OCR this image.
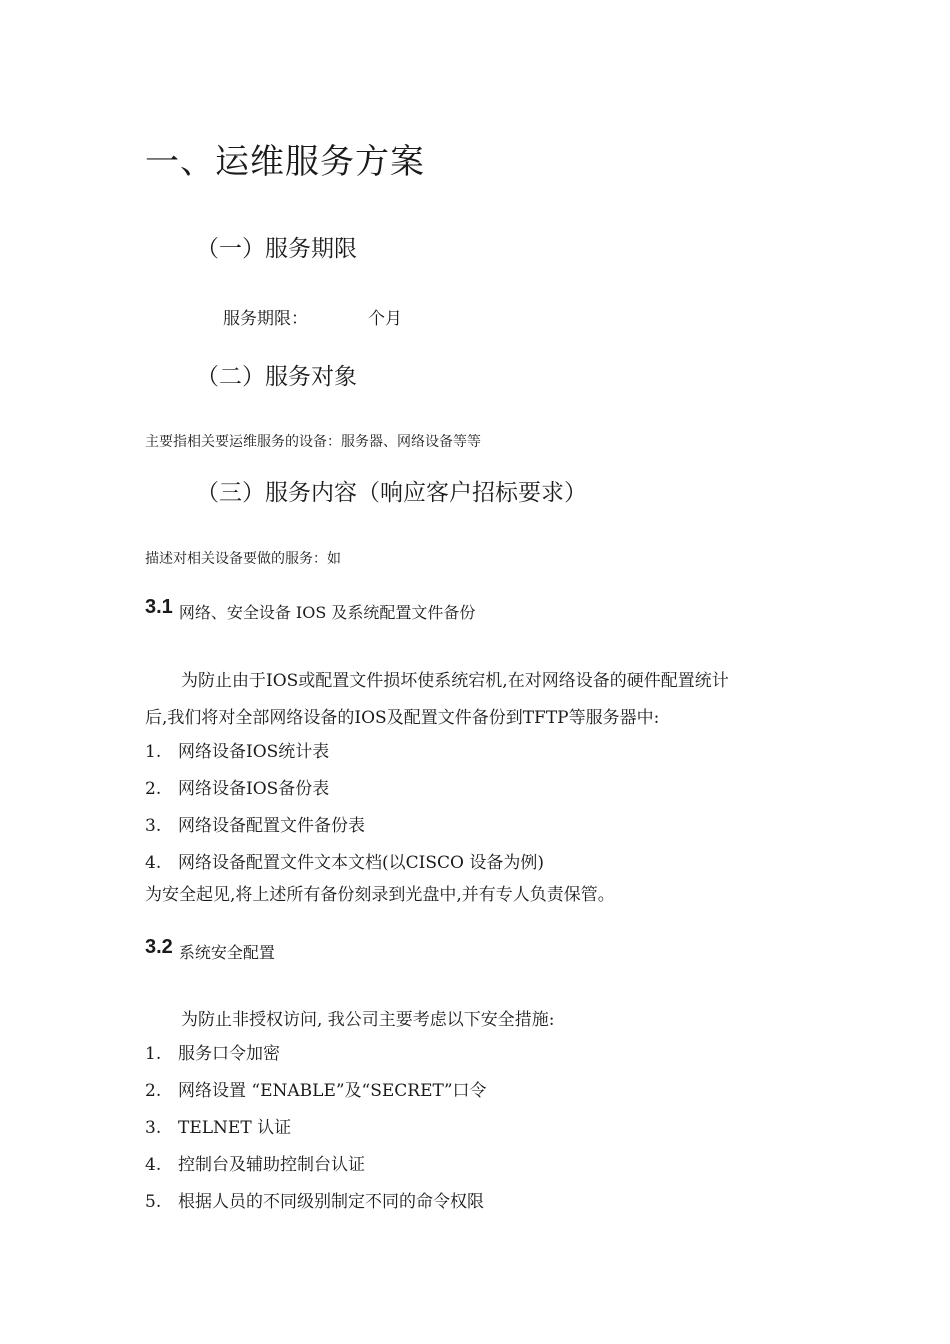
一、运维服务方案
（一）服务期限
服务期限：	个月
（二）服务对象
主要指相关要运维服务的设备：服务器、网络设备等等
（三）服务内容（响应客户招标要求）
描述对相关设备要做的服务：如
3.1 网络、安全设备 IOS 及系统配置文件备份
为防止由于IOS或配置文件损坏使系统宕机,在对网络设备的硬件配置统计
后,我们将对全部网络设备的IOS及配置文件备份到TFTP等服务器中:
1. 网络设备IOS统计表
2. 网络设备IOS备份表
3. 网络设备配置文件备份表
4. 网络设备配置文件文本文档(以CISCO 设备为例)
为安全起见,将上述所有备份刻录到光盘中,并有专人负责保管。
3.2 系统安全配置
为防止非授权访问, 我公司主要考虑以下安全措施:
1. 服务口令加密
2. 网络设置 “ENABLE”及“SECRET”口令
3. TELNET 认证
4. 控制台及辅助控制台认证
5. 根据人员的不同级别制定不同的命令权限
